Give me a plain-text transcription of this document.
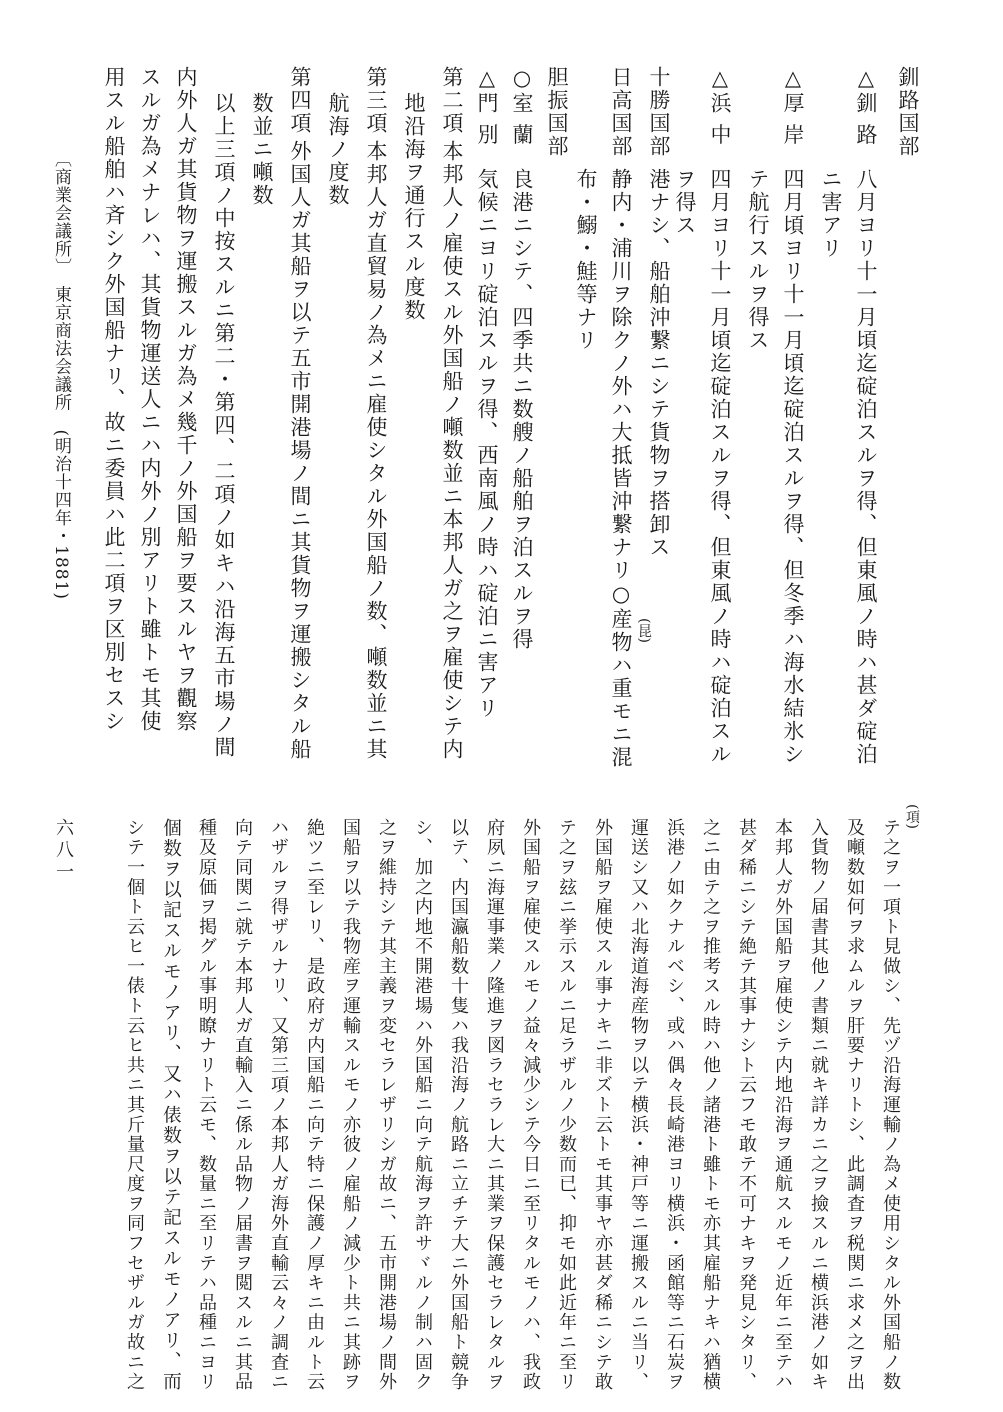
釧路国部
△釧 路
△厚 岸
△浜 中
十勝国部
日高国部
胆振国部
○室 蘭
△門 別
第二項
第三項
第四項
八月ヨリ十一月頃迄碇泊スルヲ得、但東風ノ時ハ甚ダ碇泊
ニ害アリ
四月頃ヨリ十一月頃迄碇泊スルヲ得、但冬季ハ海水結氷シ
テ航行スルヲ得ス
四月ヨリ十一月頃迄碇泊スルヲ得、但東風ノ時ハ碇泊スル
ヲ得ス
港ナシ、船舶沖繋ニシテ貨物ヲ搭卸ス
静内・浦川ヲ除クノ外ハ大抵皆沖繋ナリ○産物ハ重モニ混 (昆)
布・鰯・鮭等ナリ
良港ニシテ、四季共ニ数艘ノ船舶ヲ泊スルヲ得
気候ニヨリ碇泊スルヲ得、西南風ノ時ハ碇泊ニ害アリ
本邦人ノ雇使スル外国船ノ噸数並ニ本邦人ガ之ヲ雇使シテ内
地沿海ヲ通行スル度数
本邦人ガ直貿易ノ為メニ雇使シタル外国船ノ数、噸数並ニ其
航海ノ度数
外国人ガ其船ヲ以テ五市開港場ノ間ニ其貨物ヲ運搬シタル船
数並ニ噸数
以上三項ノ中按スルニ第二・第四、二項ノ如キハ沿海五市場ノ間
内外人ガ其貨物ヲ運搬スルガ為メ幾千ノ外国船ヲ要スルヤヲ觀察
スルガ為メナレハ、其貨物運送人ニハ内外ノ別アリト雖トモ其使
用スル船舶ハ斉シク外国船ナリ、故ニ委員ハ此二項ヲ区別セスシ
〔商業会議所〕　東京商法会議所　(明治十四年・1881)
(項)
テ之ヲ一項ト見做シ、先ヅ沿海運輸ノ為メ使用シタル外国船ノ数
及噸数如何ヲ求ムルヲ肝要ナリトシ、此調査ヲ税関ニ求メ之ヲ出
入貨物ノ届書其他ノ書類ニ就キ詳カニ之ヲ撿スルニ横浜港ノ如キ
本邦人ガ外国船ヲ雇使シテ内地沿海ヲ通航スルモノ近年ニ至テハ
甚ダ稀ニシテ絶テ其事ナシト云フモ敢テ不可ナキヲ発見シタリ、
之ニ由テ之ヲ推考スル時ハ他ノ諸港ト雖トモ亦其雇船ナキハ猶横
浜港ノ如クナルベシ、或ハ偶々長崎港ヨリ横浜・函館等ニ石炭ヲ
運送シ又ハ北海道海産物ヲ以テ横浜・神戸等ニ運搬スルニ当リ、
外国船ヲ雇使スル事ナキニ非ズト云トモ其事ヤ亦甚ダ稀ニシテ敢
テ之ヲ玆ニ挙示スルニ足ラザルノ少数而已、抑モ如此近年ニ至リ
外国船ヲ雇使スルモノ益々減少シテ今日ニ至リタルモノハ、我政
府夙ニ海運事業ノ隆進ヲ図ラセラレ大ニ其業ヲ保護セラレタルヲ
以テ、内国瀛船数十隻ハ我沿海ノ航路ニ立チテ大ニ外国船ト競争
シ、加之内地不開港場ハ外国船ニ向テ航海ヲ許サヾルノ制ハ固ク
之ヲ維持シテ其主義ヲ変セラレザリシガ故ニ、五市開港場ノ間外
国船ヲ以テ我物産ヲ運輸スルモノ亦彼ノ雇船ノ減少ト共ニ其跡ヲ
絶ツニ至レリ、是政府ガ内国船ニ向テ特ニ保護ノ厚キニ由ルト云
ハザルヲ得ザルナリ、又第三項ノ本邦人ガ海外直輸云々ノ調査ニ
向テ同関ニ就テ本邦人ガ直輸入ニ係ル品物ノ届書ヲ閲スルニ其品
種及原価ヲ掲グル事明瞭ナリト云モ、数量ニ至リテハ品種ニヨリ
個数ヲ以記スルモノアリ、又ハ俵数ヲ以テ記スルモノアリ、而
シテ一個ト云ヒ一俵ト云ヒ共ニ其斤量尺度ヲ同フセザルガ故ニ之
六八一
